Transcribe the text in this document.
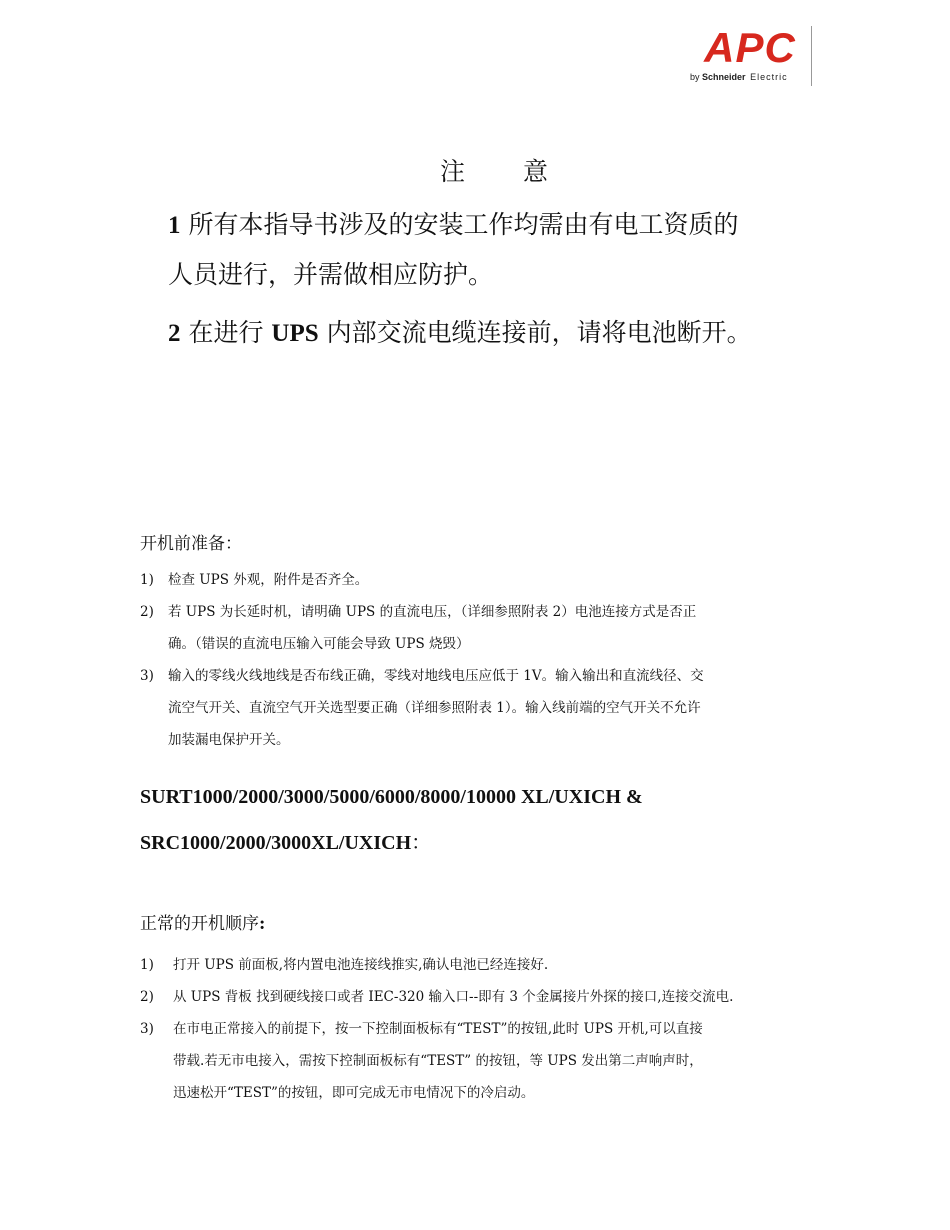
APC
by Schneider Electric
注意
1 所有本指导书涉及的安装工作均需由有电工资质的
人员进行，并需做相应防护。
2 在进行 UPS 内部交流电缆连接前，请将电池断开。
开机前准备：
1) 检查 UPS 外观，附件是否齐全。
2) 若 UPS 为长延时机，请明确 UPS 的直流电压，（详细参照附表 2）电池连接方式是否正
确。（错误的直流电压输入可能会导致 UPS 烧毁）
3) 输入的零线火线地线是否布线正确，零线对地线电压应低于 1V。输入输出和直流线径、交
流空气开关、直流空气开关选型要正确（详细参照附表 1）。输入线前端的空气开关不允许
加装漏电保护开关。
SURT1000/2000/3000/5000/6000/8000/10000 XL/UXICH &
SRC1000/2000/3000XL/UXICH：
正常的开机顺序:
1) 打开 UPS 前面板,将内置电池连接线推实,确认电池已经连接好.
2) 从 UPS 背板 找到硬线接口或者 IEC-320 输入口--即有 3 个金属接片外探的接口,连接交流电.
3) 在市电正常接入的前提下，按一下控制面板标有“TEST”的按钮,此时 UPS 开机,可以直接
带载.若无市电接入，需按下控制面板标有“TEST” 的按钮，等 UPS 发出第二声响声时，
迅速松开“TEST”的按钮，即可完成无市电情况下的冷启动。
